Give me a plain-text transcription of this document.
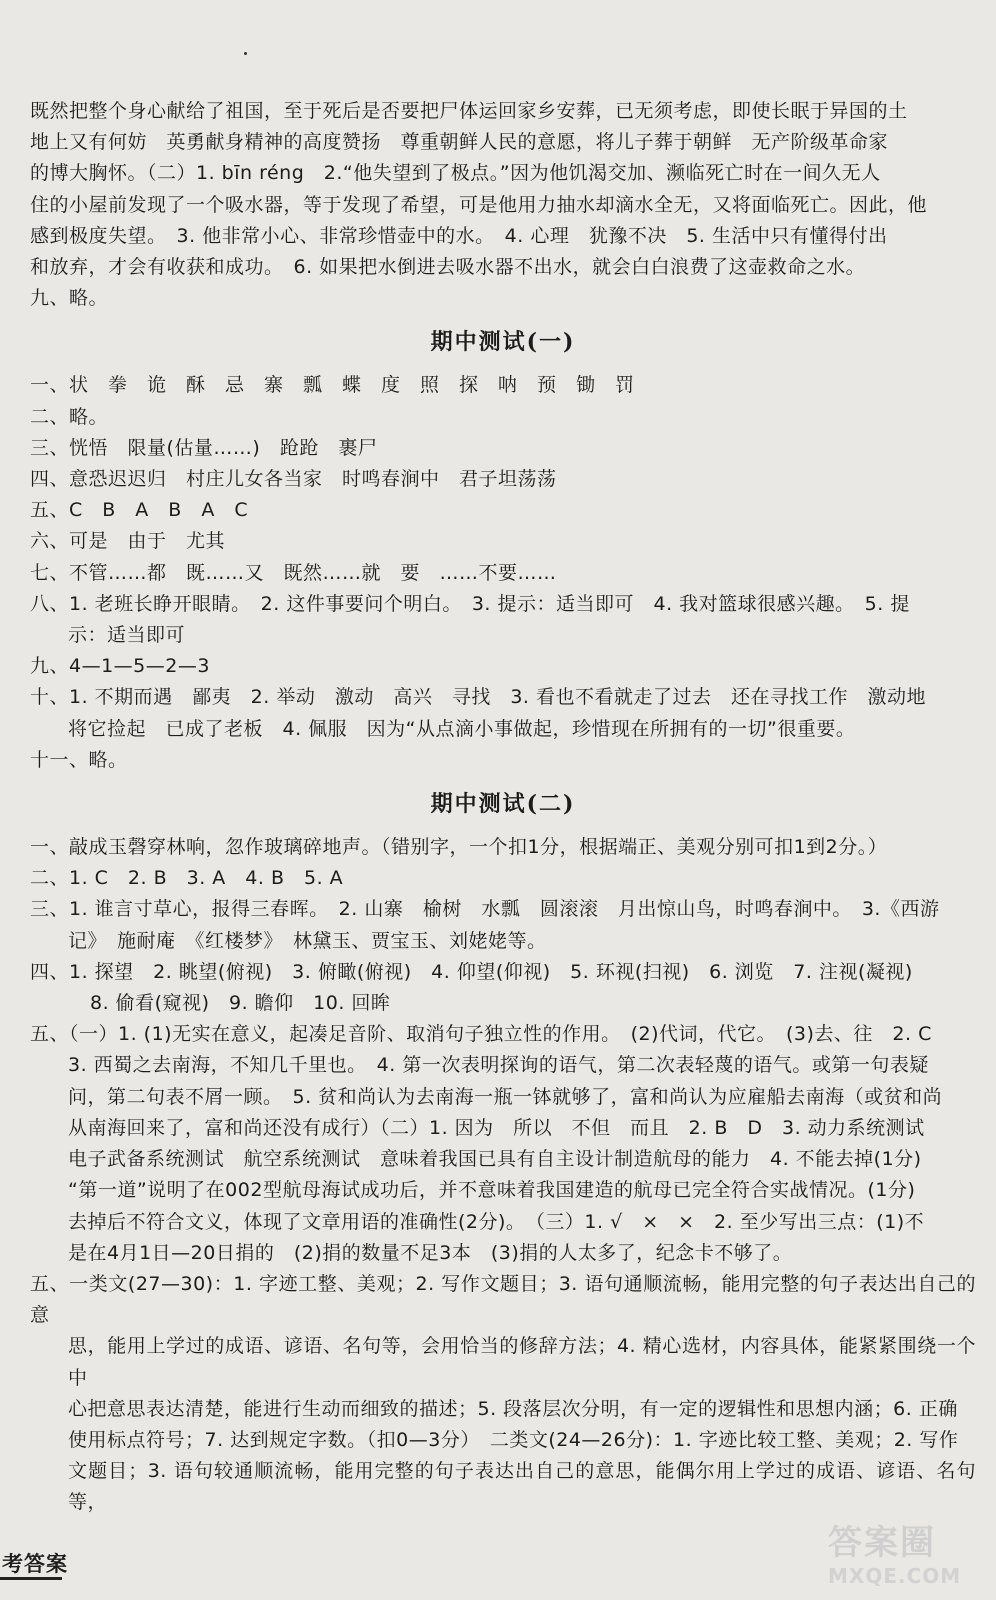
既然把整个身心献给了祖国，至于死后是否要把尸体运回家乡安葬，已无须考虑，即使长眠于异国的土

地上又有何妨　英勇献身精神的高度赞扬　尊重朝鲜人民的意愿，将儿子葬于朝鲜　无产阶级革命家

的博大胸怀。（二）1. bīn réng　2.“他失望到了极点。”因为他饥渴交加、濒临死亡时在一间久无人

住的小屋前发现了一个吸水器，等于发现了希望，可是他用力抽水却滴水全无，又将面临死亡。因此，他

感到极度失望。　3. 他非常小心、非常珍惜壶中的水。　4. 心理　犹豫不决　5. 生活中只有懂得付出

和放弃，才会有收获和成功。　6. 如果把水倒进去吸水器不出水，就会白白浪费了这壶救命之水。

九、略。

期中测试(一)

一、状　拳　诡　酥　忌　寨　瓢　蝶　度　照　探　呐　预　锄　罚

二、略。

三、恍悟　限量(估量……)　跄跄　裹尸

四、意恐迟迟归　村庄儿女各当家　时鸣春涧中　君子坦荡荡

五、C　B　A　B　A　C

六、可是　由于　尤其

七、不管……都　既……又　既然……就　要　……不要……

八、1. 老班长睁开眼睛。　2. 这件事要问个明白。　3. 提示：适当即可　4. 我对篮球很感兴趣。　5. 提

示：适当即可

九、4—1—5—2—3

十、1. 不期而遇　鄙夷　2. 举动　激动　高兴　寻找　3. 看也不看就走了过去　还在寻找工作　激动地

将它捡起　已成了老板　4. 佩服　因为“从点滴小事做起，珍惜现在所拥有的一切”很重要。

十一、略。

期中测试(二)

一、敲成玉磬穿林响，忽作玻璃碎地声。（错别字，一个扣1分，根据端正、美观分别可扣1到2分。）

二、1. C　2. B　3. A　4. B　5. A

三、1. 谁言寸草心，报得三春晖。　2. 山寨　榆树　水瓢　圆滚滚　月出惊山鸟，时鸣春涧中。　3.《西游

记》　施耐庵　《红楼梦》　林黛玉、贾宝玉、刘姥姥等。

四、1. 探望　2. 眺望(俯视)　3. 俯瞰(俯视)　4. 仰望(仰视)　5. 环视(扫视)　6. 浏览　7. 注视(凝视)

8. 偷看(窥视)　9. 瞻仰　10. 回眸

五、（一）1. (1)无实在意义，起凑足音阶、取消句子独立性的作用。　(2)代词，代它。　(3)去、往　2. C

3. 西蜀之去南海，不知几千里也。　4. 第一次表明探询的语气，第二次表轻蔑的语气。或第一句表疑

问，第二句表不屑一顾。　5. 贫和尚认为去南海一瓶一钵就够了，富和尚认为应雇船去南海（或贫和尚

从南海回来了，富和尚还没有成行）（二）1. 因为　所以　不但　而且　2. B　D　3. 动力系统测试

电子武备系统测试　航空系统测试　意味着我国已具有自主设计制造航母的能力　4. 不能去掉(1分)

“第一道”说明了在002型航母海试成功后，并不意味着我国建造的航母已完全符合实战情况。(1分)

去掉后不符合文义，体现了文章用语的准确性(2分)。　（三）1. √　×　×　2. 至少写出三点：(1)不

是在4月1日—20日捐的　(2)捐的数量不足3本　(3)捐的人太多了，纪念卡不够了。

五、一类文(27—30)：1. 字迹工整、美观；2. 写作文题目；3. 语句通顺流畅，能用完整的句子表达出自己的意

思，能用上学过的成语、谚语、名句等，会用恰当的修辞方法；4. 精心选材，内容具体，能紧紧围绕一个中

心把意思表达清楚，能进行生动而细致的描述；5. 段落层次分明，有一定的逻辑性和思想内涵；6. 正确

使用标点符号；7. 达到规定字数。（扣0—3分）　二类文(24—26分)：1. 字迹比较工整、美观；2. 写作

文题目；3. 语句较通顺流畅，能用完整的句子表达出自己的意思，能偶尔用上学过的成语、谚语、名句等，

考答案
答案圈
MXQE.COM
